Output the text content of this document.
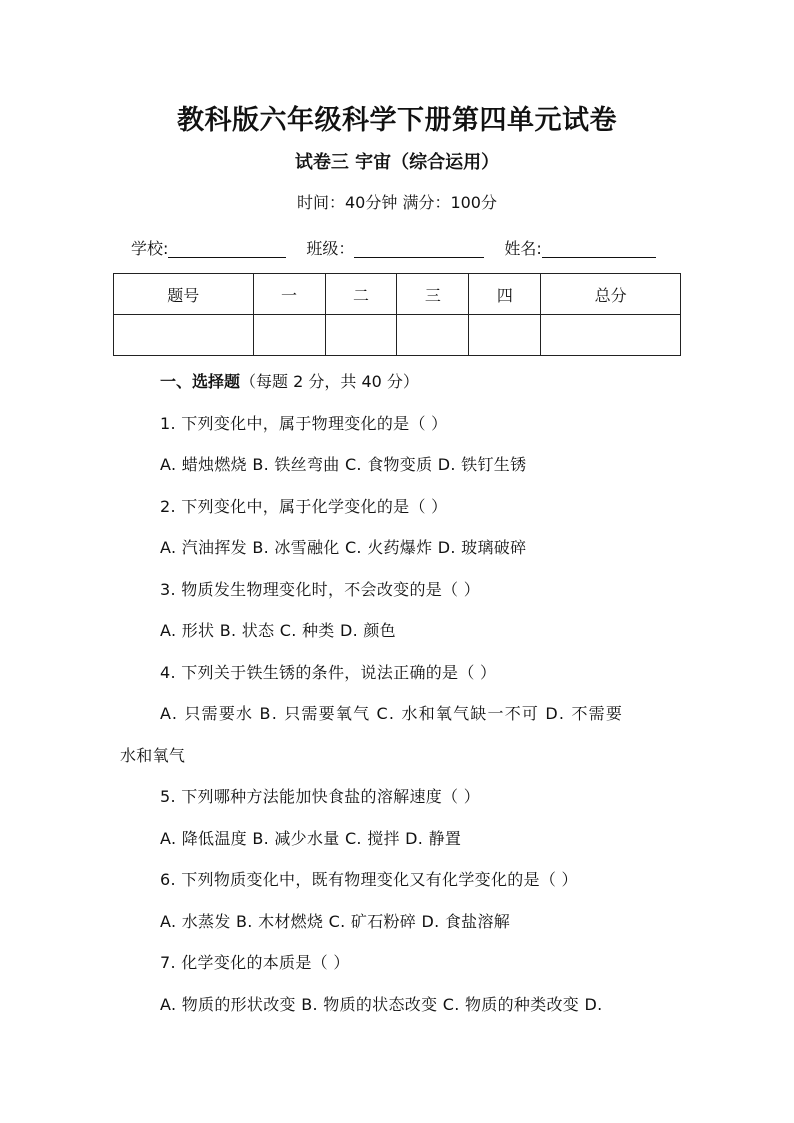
教科版六年级科学下册第四单元试卷
试卷三 宇宙（综合运用）
时间：40分钟 满分：100分
学校:	班级：	姓名:
题号	一	二	三	四	总分

一、选择题（每题 2 分，共 40 分）
1. 下列变化中，属于物理变化的是（ ）
A. 蜡烛燃烧 B. 铁丝弯曲 C. 食物变质 D. 铁钉生锈
2. 下列变化中，属于化学变化的是（ ）
A. 汽油挥发 B. 冰雪融化 C. 火药爆炸 D. 玻璃破碎
3. 物质发生物理变化时，不会改变的是（ ）
A. 形状 B. 状态 C. 种类 D. 颜色
4. 下列关于铁生锈的条件，说法正确的是（ ）
A. 只需要水 B. 只需要氧气 C. 水和氧气缺一不可 D. 不需要
水和氧气
5. 下列哪种方法能加快食盐的溶解速度（ ）
A. 降低温度 B. 减少水量 C. 搅拌 D. 静置
6. 下列物质变化中，既有物理变化又有化学变化的是（ ）
A. 水蒸发 B. 木材燃烧 C. 矿石粉碎 D. 食盐溶解
7. 化学变化的本质是（ ）
A. 物质的形状改变 B. 物质的状态改变 C. 物质的种类改变 D.
